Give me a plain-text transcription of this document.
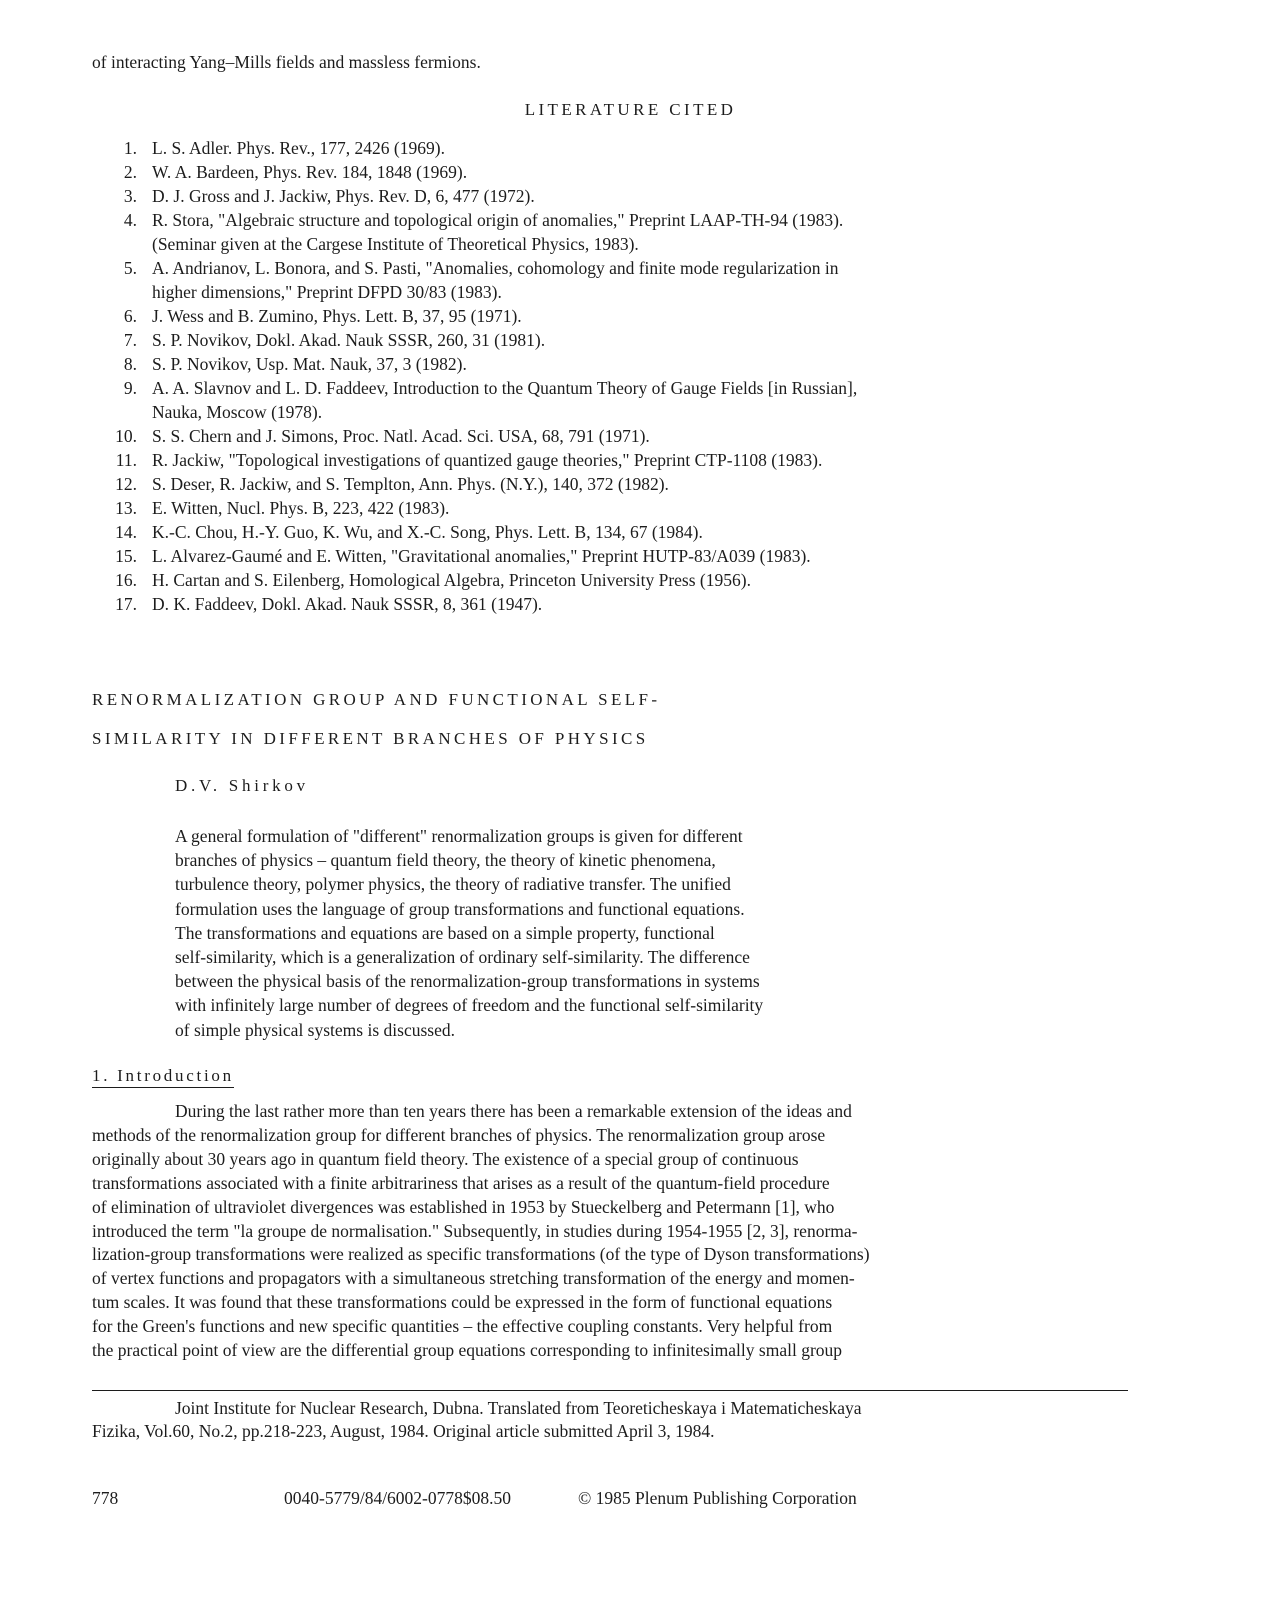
of interacting Yang–Mills fields and massless fermions.
LITERATURE CITED
1. L. S. Adler. Phys. Rev., 177, 2426 (1969).
2. W. A. Bardeen, Phys. Rev. 184, 1848 (1969).
3. D. J. Gross and J. Jackiw, Phys. Rev. D, 6, 477 (1972).
4. R. Stora, "Algebraic structure and topological origin of anomalies," Preprint LAAP-TH-94 (1983).
(Seminar given at the Cargese Institute of Theoretical Physics, 1983).
5. A. Andrianov, L. Bonora, and S. Pasti, "Anomalies, cohomology and finite mode regularization in
higher dimensions," Preprint DFPD 30/83 (1983).
6. J. Wess and B. Zumino, Phys. Lett. B, 37, 95 (1971).
7. S. P. Novikov, Dokl. Akad. Nauk SSSR, 260, 31 (1981).
8. S. P. Novikov, Usp. Mat. Nauk, 37, 3 (1982).
9. A. A. Slavnov and L. D. Faddeev, Introduction to the Quantum Theory of Gauge Fields [in Russian],
Nauka, Moscow (1978).
10. S. S. Chern and J. Simons, Proc. Natl. Acad. Sci. USA, 68, 791 (1971).
11. R. Jackiw, "Topological investigations of quantized gauge theories," Preprint CTP-1108 (1983).
12. S. Deser, R. Jackiw, and S. Templton, Ann. Phys. (N.Y.), 140, 372 (1982).
13. E. Witten, Nucl. Phys. B, 223, 422 (1983).
14. K.-C. Chou, H.-Y. Guo, K. Wu, and X.-C. Song, Phys. Lett. B, 134, 67 (1984).
15. L. Alvarez-Gaumé and E. Witten, "Gravitational anomalies," Preprint HUTP-83/A039 (1983).
16. H. Cartan and S. Eilenberg, Homological Algebra, Princeton University Press (1956).
17. D. K. Faddeev, Dokl. Akad. Nauk SSSR, 8, 361 (1947).
RENORMALIZATION GROUP AND FUNCTIONAL SELF-
SIMILARITY IN DIFFERENT BRANCHES OF PHYSICS
D.V. Shirkov
A general formulation of "different" renormalization groups is given for different
branches of physics – quantum field theory, the theory of kinetic phenomena,
turbulence theory, polymer physics, the theory of radiative transfer. The unified
formulation uses the language of group transformations and functional equations.
The transformations and equations are based on a simple property, functional
self-similarity, which is a generalization of ordinary self-similarity. The difference
between the physical basis of the renormalization-group transformations in systems
with infinitely large number of degrees of freedom and the functional self-similarity
of simple physical systems is discussed.
1. Introduction
During the last rather more than ten years there has been a remarkable extension of the ideas and
methods of the renormalization group for different branches of physics. The renormalization group arose
originally about 30 years ago in quantum field theory. The existence of a special group of continuous
transformations associated with a finite arbitrariness that arises as a result of the quantum-field procedure
of elimination of ultraviolet divergences was established in 1953 by Stueckelberg and Petermann [1], who
introduced the term "la groupe de normalisation." Subsequently, in studies during 1954-1955 [2, 3], renorma-
lization-group transformations were realized as specific transformations (of the type of Dyson transformations)
of vertex functions and propagators with a simultaneous stretching transformation of the energy and momen-
tum scales. It was found that these transformations could be expressed in the form of functional equations
for the Green's functions and new specific quantities – the effective coupling constants. Very helpful from
the practical point of view are the differential group equations corresponding to infinitesimally small group
Joint Institute for Nuclear Research, Dubna. Translated from Teoreticheskaya i Matematicheskaya
Fizika, Vol.60, No.2, pp.218-223, August, 1984. Original article submitted April 3, 1984.
778	0040-5779/84/6002-0778$08.50	© 1985 Plenum Publishing Corporation
